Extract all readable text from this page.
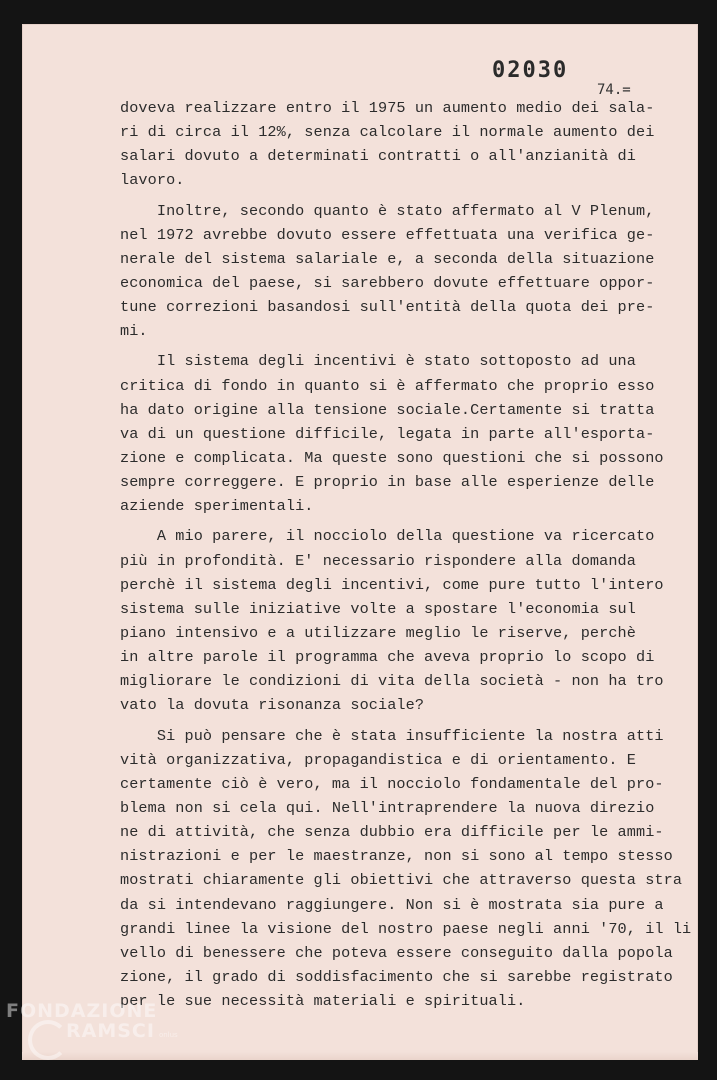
02030
74.=
doveva realizzare entro il 1975 un aumento medio dei sala-
ri di circa il 12%, senza calcolare il normale aumento dei
salari dovuto a determinati contratti o all'anzianità di
lavoro.
Inoltre, secondo quanto è stato affermato al V Plenum,
nel 1972 avrebbe dovuto essere effettuata una verifica ge-
nerale del sistema salariale e, a seconda della situazione
economica del paese, si sarebbero dovute effettuare oppor-
tune correzioni basandosi sull'entità della quota dei pre-
mi.
Il sistema degli incentivi è stato sottoposto ad una
critica di fondo in quanto si è affermato che proprio esso
ha dato origine alla tensione sociale.Certamente si tratta
va di un questione difficile, legata in parte all'esporta-
zione e complicata. Ma queste sono questioni che si possono
sempre correggere. E proprio in base alle esperienze delle
aziende sperimentali.
A mio parere, il nocciolo della questione va ricercato
più in profondità. E' necessario rispondere alla domanda
perchè il sistema degli incentivi, come pure tutto l'intero
sistema sulle iniziative volte a spostare l'economia sul
piano intensivo e a utilizzare meglio le riserve, perchè
in altre parole il programma che aveva proprio lo scopo di
migliorare le condizioni di vita della società - non ha tro
vato la dovuta risonanza sociale?
Si può pensare che è stata insufficiente la nostra atti
vità organizzativa, propagandistica e di orientamento. E
certamente ciò è vero, ma il nocciolo fondamentale del pro-
blema non si cela qui. Nell'intraprendere la nuova direzio
ne di attività, che senza dubbio era difficile per le ammi-
nistrazioni e per le maestranze, non si sono al tempo stesso
mostrati chiaramente gli obiettivi che attraverso questa stra
da si intendevano raggiungere. Non si è mostrata sia pure a
grandi linee la visione del nostro paese negli anni '70, il li
vello di benessere che poteva essere conseguito dalla popola
zione, il grado di soddisfacimento che si sarebbe registrato
per le sue necessità materiali e spirituali.
FONDAZIONE
RAMSCI onlus
